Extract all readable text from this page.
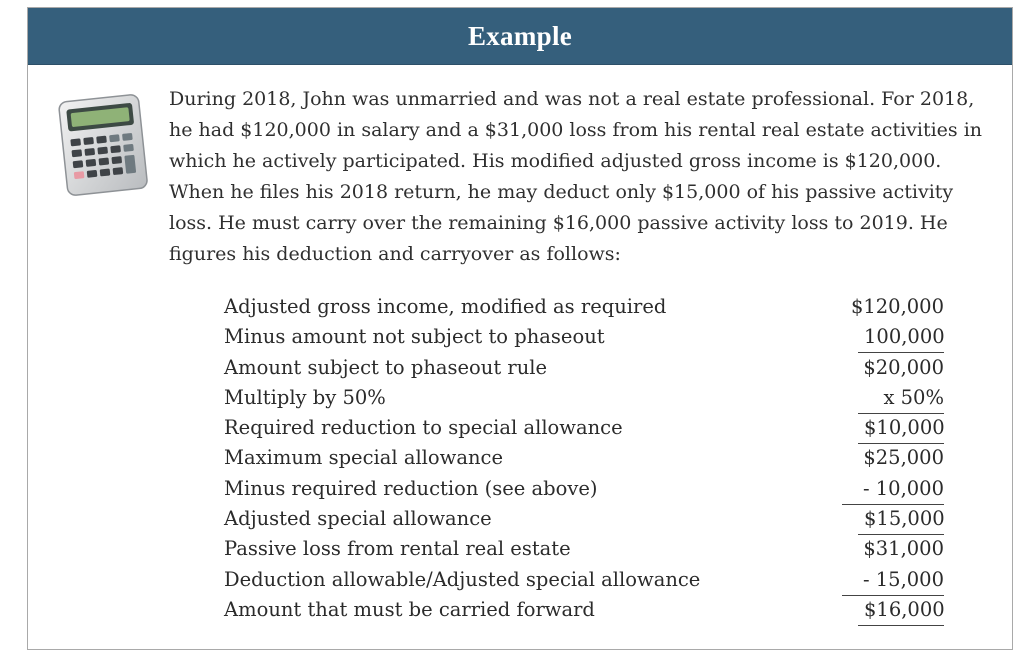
Example
During 2018, John was unmarried and was not a real estate professional. For 2018, he had $120,000 in salary and a $31,000 loss from his rental real estate activities in which he actively participated. His modified adjusted gross income is $120,000. When he files his 2018 return, he may deduct only $15,000 of his passive activity loss. He must carry over the remaining $16,000 passive activity loss to 2019. He figures his deduction and carryover as follows:
Adjusted gross income, modified as required	$120,000
Minus amount not subject to phaseout	100,000
Amount subject to phaseout rule	$20,000
Multiply by 50%	x 50%
Required reduction to special allowance	$10,000
Maximum special allowance	$25,000
Minus required reduction (see above)	- 10,000
Adjusted special allowance	$15,000
Passive loss from rental real estate	$31,000
Deduction allowable/Adjusted special allowance	- 15,000
Amount that must be carried forward	$16,000
